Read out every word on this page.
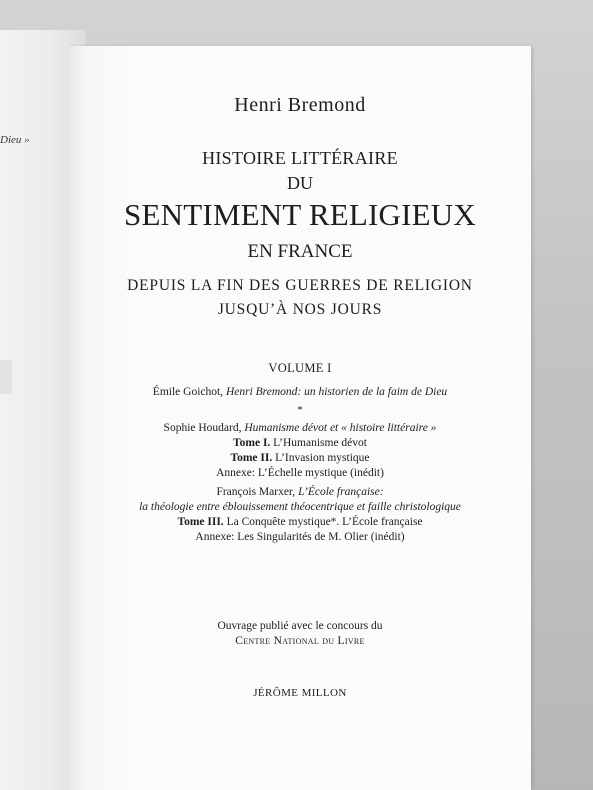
Dieu »
Henri Bremond
HISTOIRE LITTÉRAIRE
DU
SENTIMENT RELIGIEUX
EN FRANCE
DEPUIS LA FIN DES GUERRES DE RELIGION
JUSQU’À NOS JOURS
VOLUME I
Émile Goichot, Henri Bremond: un historien de la faim de Dieu
*
Sophie Houdard, Humanisme dévot et « histoire littéraire »
Tome I. L’Humanisme dévot
Tome II. L’Invasion mystique
Annexe: L’Échelle mystique (inédit)
François Marxer, L’École française:
la théologie entre éblouissement théocentrique et faille christologique
Tome III. La Conquête mystique*. L’École française
Annexe: Les Singularités de M. Olier (inédit)
Ouvrage publié avec le concours du
Centre National du Livre
JÉRÔME MILLON
